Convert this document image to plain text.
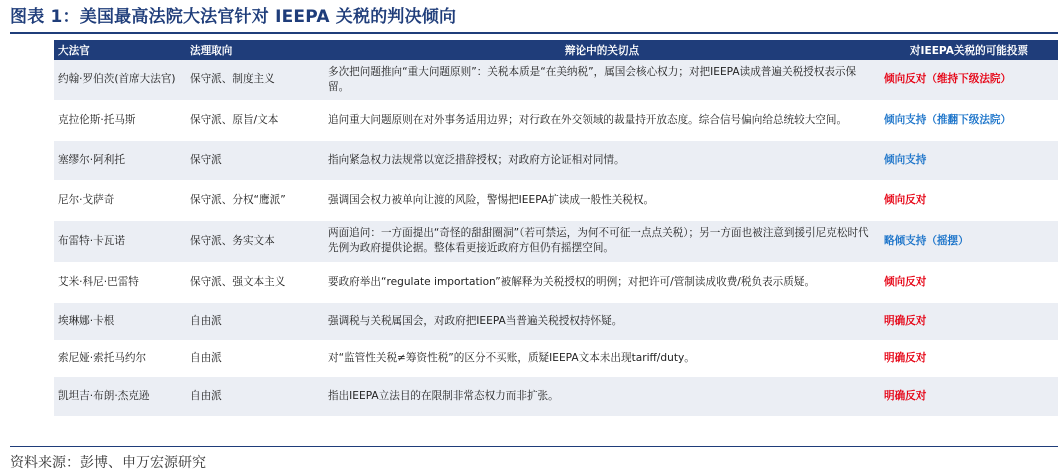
图表 1：美国最高法院大法官针对 IEEPA 关税的判决倾向
大法官	法理取向	辩论中的关切点	对IEEPA关税的可能投票
约翰·罗伯茨(首席大法官)	保守派、制度主义	多次把问题推向“重大问题原则”：关税本质是“在美纳税”，属国会核心权力；对把IEEPA读成普遍关税授权表示保留。	倾向反对（维持下级法院）
克拉伦斯·托马斯	保守派、原旨/文本	追问重大问题原则在对外事务适用边界；对行政在外交领域的裁量持开放态度。综合信号偏向给总统较大空间。	倾向支持（推翻下级法院）
塞缪尔·阿利托	保守派	指向紧急权力法规常以宽泛措辞授权；对政府方论证相对同情。	倾向支持
尼尔·戈萨奇	保守派、分权“鹰派”	强调国会权力被单向让渡的风险，警惕把IEEPA扩读成一般性关税权。	倾向反对
布雷特·卡瓦诺	保守派、务实文本	两面追问：一方面提出“奇怪的甜甜圈洞”（若可禁运，为何不可征一点点关税）；另一方面也被注意到援引尼克松时代先例为政府提供论据。整体看更接近政府方但仍有摇摆空间。	略倾支持（摇摆）
艾米·科尼·巴雷特	保守派、强文本主义	要政府举出“regulate importation”被解释为关税授权的明例；对把许可/管制读成收费/税负表示质疑。	倾向反对
埃琳娜·卡根	自由派	强调税与关税属国会，对政府把IEEPA当普遍关税授权持怀疑。	明确反对
索尼娅·索托马约尔	自由派	对“监管性关税≠筹资性税”的区分不买账，质疑IEEPA文本未出现tariff/duty。	明确反对
凯坦吉·布朗·杰克逊	自由派	指出IEEPA立法目的在限制非常态权力而非扩张。	明确反对
资料来源：彭博、申万宏源研究
